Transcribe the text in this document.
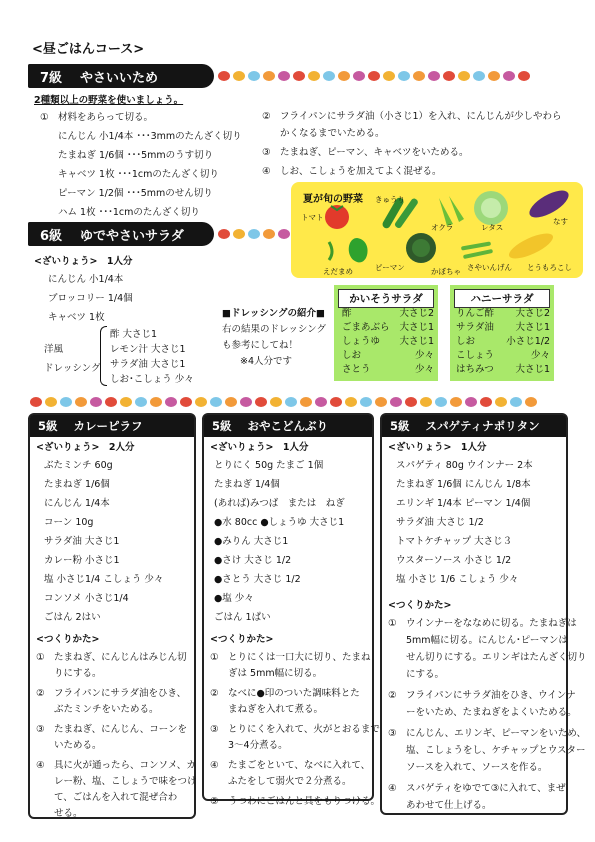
<昼ごはんコース>
7級 やさいいため
2種類以上の野菜を使いましょう。
①　材料をあらって切る。
にんじん 小1/4本 ･･･3mmのたんざく切り
たまねぎ 1/6個 ･･･5mmのうす切り
キャベツ 1枚 ･･･1cmのたんざく切り
ピーマン 1/2個 ･･･5mmのせん切り
ハム 1枚 ･･･1cmのたんざく切り
②　フライパンにサラダ油（小さじ1）を入れ、にんじんが少しやわら
かくなるまでいためる。
③　たまねぎ、ピーマン、キャベツをいためる。
④　しお、こしょうを加えてよく混ぜる。
夏が旬の野菜 きゅうり
トマト
オクラ	レタス
なす
ピーマン	かぼちゃ さやいんげん
えだまめ	とうもろこし
6級 ゆでやさいサラダ
<ざいりょう>　1人分
にんじん 小1/4本
ブロッコリー 1/4個
キャベツ 1枚
洋風
ドレッシング
酢 大さじ1
レモン汁 大さじ1
サラダ油 大さじ1
しお･こしょう 少々
■ドレッシングの紹介■
右の結果のドレッシング
も参考にしてね！
※4人分です
かいそうサラダ
酢	大さじ2
ごまあぶら 大さじ1
しょうゆ 大さじ1
しお	少々
さとう	少々
ハニーサラダ
りんご酢 大さじ2
サラダ油 大さじ1
しお	小さじ1/2
こしょう	少々
はちみつ 大さじ1
5級 カレーピラフ
<ざいりょう>　2人分
ぶたミンチ 60g
たまねぎ 1/6個
にんじん 1/4本
コーン 10g
サラダ油 大さじ1
カレー粉 小さじ1
塩 小さじ1/4 こしょう 少々
コンソメ 小さじ1/4
ごはん 2はい
<つくりかた>
①　たまねぎ、にんじんはみじん切
りにする。
②　フライパンにサラダ油をひき、
ぶたミンチをいためる。
③　たまねぎ、にんじん、コーンを
いためる。
④　具に火が通ったら、コンソメ、カ
レー粉、塩、こしょうで味をつけ
て、ごはんを入れて混ぜ合わ
せる。
5級 おやこどんぶり
<ざいりょう>　1人分
とりにく 50g たまご 1個
たまねぎ 1/4個
(あれば)みつば　または　ねぎ
●水 80cc ●しょうゆ 大さじ1
●みりん 大さじ1
●さけ 大さじ 1/2
●さとう 大さじ 1/2
●塩 少々
ごはん 1ぱい
<つくりかた>
①　とりにくは一口大に切り、たまね
ぎは 5mm幅に切る。
②　なべに●印のついた調味料とた
まねぎを入れて煮る。
③　とりにくを入れて、火がとおるまで
3〜4分煮る。
④　たまごをといて、なべに入れて、
ふたをして弱火で２分煮る。
⑤　うつわにごはんと具をもりつける。
5級 スパゲティナポリタン
<ざいりょう>　1人分
スパゲティ 80g ウインナー 2本
たまねぎ 1/6個 にんじん 1/8本
エリンギ 1/4本 ピーマン 1/4個
サラダ油 大さじ 1/2
トマトケチャップ 大さじ３
ウスターソース 小さじ 1/2
塩 小さじ 1/6 こしょう 少々
<つくりかた>
①　ウインナーをななめに切る。たまねぎは
5mm幅に切る。にんじん･ピーマンは
せん切りにする。エリンギはたんざく切り
にする。
②　フライパンにサラダ油をひき、ウインナ
ーをいため、たまねぎをよくいためる。
③　にんじん、エリンギ、ピーマンをいため、
塩、こしょうをし、ケチャップとウスター
ソースを入れて、ソースを作る。
④　スパゲティをゆでて③に入れて、まぜ
あわせて仕上げる。
